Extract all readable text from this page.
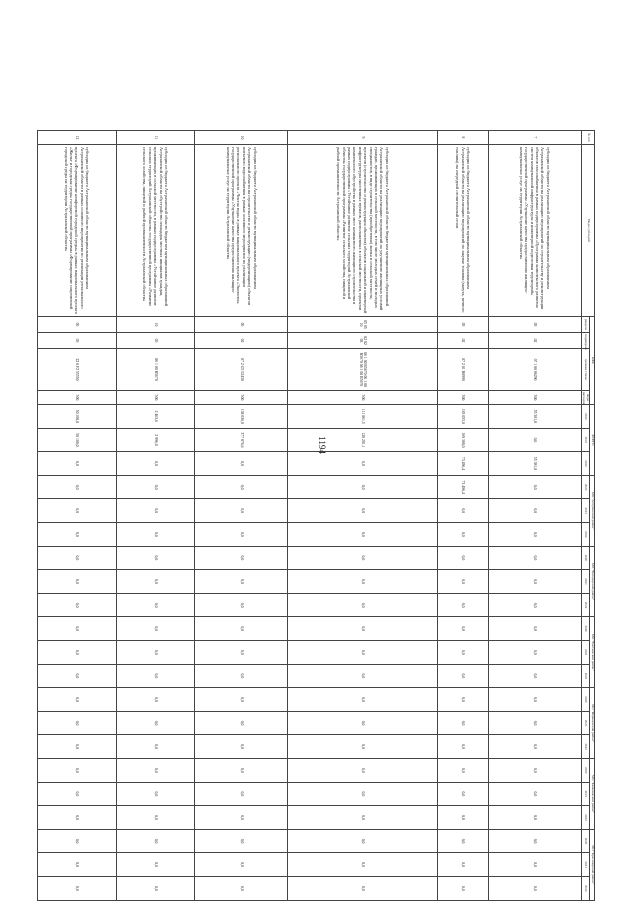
1194
№ п/п	Виды субсидий	КБК				ВСЕГО			МО "Ахтубинский район"			МО "Володарский район"			МО "Енотаевский район"			МО "Икрянинский район"			МО "Камызякский район"			МО "Красноярский район"		
		разделы	подразделы	целевые статьи	виды расходов	2020	2021	2022	2020	2021	2022	2020	2021	2022	2020	2021	2022	2020	2021	2022	2020	2021	2022	2020	2021	2022

7	субсидия из бюджета Астраханской области муниципальным образованиям Астраханской области на реализацию мероприятий по строительству и реконструкции объектов газоснабжения в рамках подпрограммы «Программа комплексного развития систем коммунальной инфраструктуры и инженерной подготовки территорий» государственной программы «Улучшение качества предоставления жилищно-коммунальных услуг на территории Астраханской области»	05	02	07 1 00 86290	500	55 381,8	0,0	55 381,8	0,0	0,0	0,0	0,0	0,0	0,0	0,0	0,0	0,0	0,0	0,0	0,0	0,0	0,0	0,0	0,0	0,0	0,0
8	субсидия из бюджета Астраханской области муниципальным образованиям Астраханской области на реализацию мероприятий по закупке топлива (мазута, печного топлива) на очередной отопительный сезон	05	02	07 2 01 R0990	500	183 055,0	169 300,0	73 496,4	73 496,4	0,0	0,0	0,0	0,0	0,0	0,0	0,0	0,0	0,0	0,0	0,0	0,0	0,0	0,0	0,0	0,0	0,0
9	субсидия из бюджета Астраханской области бюджетам муниципальных образований Астраханской области на реализацию мероприятий по улучшению жилищных условий граждан, проживающих в сельской местности, в том числе молодых семей и молодых специалистов, в виде строительства (приобретения) жилья в сельской местности, проектов (строительство и реконструкция объектов) объектов социальной и инженерной инфраструктуры населенных пунктов, расположенных в сельской местности, проектов комплексного обустройства в рамках мест компактного жилищного строительства в рамках подпрограммы «Устойчивое развитие сельских территорий Астраханской области» государственной программы «Развитие сельского хозяйства, пищевой и рыбной промышленности Астраханской области»	05 05 10	02 02 03	06 1 00 R5670 06 1 00 R5670 06 1 00 R5670	500	111 861,5	120 201,1	0,0	0,0	0,0	0,0	0,0	0,0	0,0	0,0	0,0	0,0	0,0	0,0	0,0	0,0	0,0	0,0	0,0	0,0	0,0
10	субсидия из бюджета Астраханской области муниципальным образованиям Астраханской области на строительство и реконструкцию (модернизацию) объектов питьевого водоснабжения в рамках основного мероприятия по реализации регионального проекта «Чистая вода» в рамках национального проекта «Экология» государственной программы «Улучшение качества предоставления жилищно-коммунальных услуг на территории Астраханской области»	05	02	07 2 G5 52430	500	138 036,8	377 876,6	0,0	0,0	0,0	0,0	0,0	0,0	0,0	0,0	0,0	0,0	0,0	0,0	0,0	0,0	0,0	0,0	0,0	0,0	0,0
11	субсидия из бюджета Астраханской области бюджетам муниципальных образований Астраханской области на обустройство площадок местных инициатив граждан, проживающих в сельской местности, в рамках подпрограммы «Устойчивое развитие сельских территорий Астраханской области» государственной программы «Развитие сельского хозяйства, пищевой и рыбной промышленности Астраханской области»	10	03	06 1 00 R5670	500	2 463,6	2 996,0	0,0	0,0	0,0	0,0	0,0	0,0	0,0	0,0	0,0	0,0	0,0	0,0	0,0	0,0	0,0	0,0	0,0	0,0	0,0
12	субсидия из бюджета Астраханской области муниципальным образованиям Астраханской области в рамках основного мероприятия по реализации регионального проекта «Формирование комфортной городской среды» в рамках национального проекта «Жилье и городская среда» государственной программы «Формирование современной городской среды на территории Астраханской области»	05	03	22 0 F2 55550	500	50 100,0	50 100,0	0,0	0,0	0,0	0,0	0,0	0,0	0,0	0,0	0,0	0,0	0,0	0,0	0,0	0,0	0,0	0,0	0,0	0,0	0,0
